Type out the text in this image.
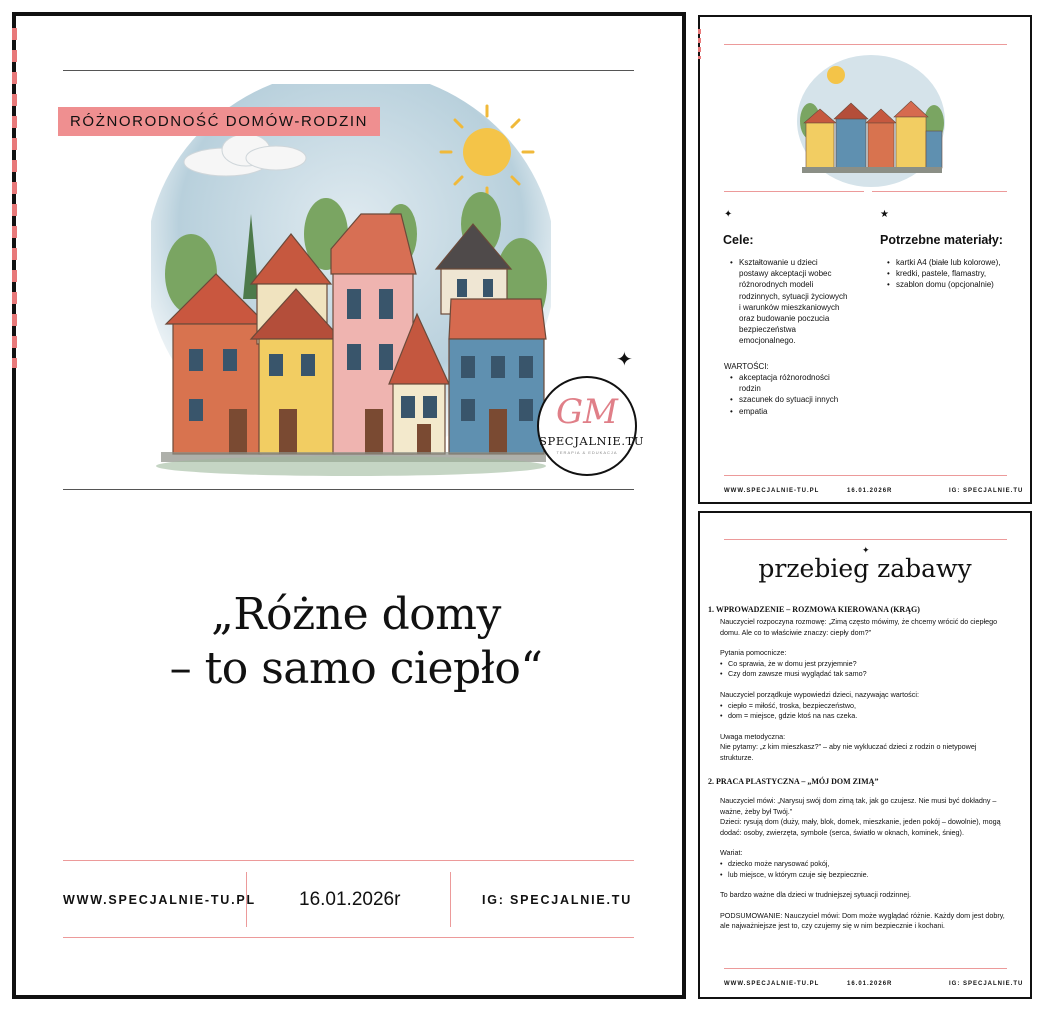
RÓŻNORODNOŚĆ DOMÓW-RODZIN
✦
GM
SPECJALNIE.TU
TERAPIA & EDUKACJA
„Różne domy
– to samo ciepło“
WWW.SPECJALNIE-TU.PL 16.01.2026r	IG: SPECJALNIE.TU
✦	★
Cele:
• Kształtowanie u dzieci postawy akceptacji wobec różnorodnych modeli rodzinnych, sytuacji życiowych i warunków mieszkaniowych oraz budowanie poczucia bezpieczeństwa emocjonalnego.
WARTOŚCI:
• akceptacja różnorodności rodzin
• szacunek do sytuacji innych
• empatia
Potrzebne materiały:
• kartki A4 (białe lub kolorowe),
• kredki, pastele, flamastry,
• szablon domu (opcjonalnie)
WWW.SPECJALNIE-TU.PL	16.01.2026R	IG: SPECJALNIE.TU
✦
przebieg zabawy
1. WPROWADZENIE – ROZMOWA KIEROWANA (KRĄG)
Nauczyciel rozpoczyna rozmowę: „Zimą często mówimy, że chcemy wrócić do ciepłego domu. Ale co to właściwie znaczy: ciepły dom?”
Pytania pomocnicze:
• Co sprawia, że w domu jest przyjemnie?
• Czy dom zawsze musi wyglądać tak samo?
Nauczyciel porządkuje wypowiedzi dzieci, nazywając wartości:
• ciepło = miłość, troska, bezpieczeństwo,
• dom = miejsce, gdzie ktoś na nas czeka.
Uwaga metodyczna:
Nie pytamy: „z kim mieszkasz?” – aby nie wykluczać dzieci z rodzin o nietypowej strukturze.
2. PRACA PLASTYCZNA – „MÓJ DOM ZIMĄ”
Nauczyciel mówi: „Narysuj swój dom zimą tak, jak go czujesz. Nie musi być dokładny – ważne, żeby był Twój.”
Dzieci: rysują dom (duży, mały, blok, domek, mieszkanie, jeden pokój – dowolnie), mogą dodać: osoby, zwierzęta, symbole (serca, światło w oknach, kominek, śnieg).
Wariat:
• dziecko może narysować pokój,
• lub miejsce, w którym czuje się bezpiecznie.
To bardzo ważne dla dzieci w trudniejszej sytuacji rodzinnej.
PODSUMOWANIE: Nauczyciel mówi: Dom może wyglądać różnie. Każdy dom jest dobry, ale najważniejsze jest to, czy czujemy się w nim bezpiecznie i kochani.
WWW.SPECJALNIE-TU.PL	16.01.2026R	IG: SPECJALNIE.TU
